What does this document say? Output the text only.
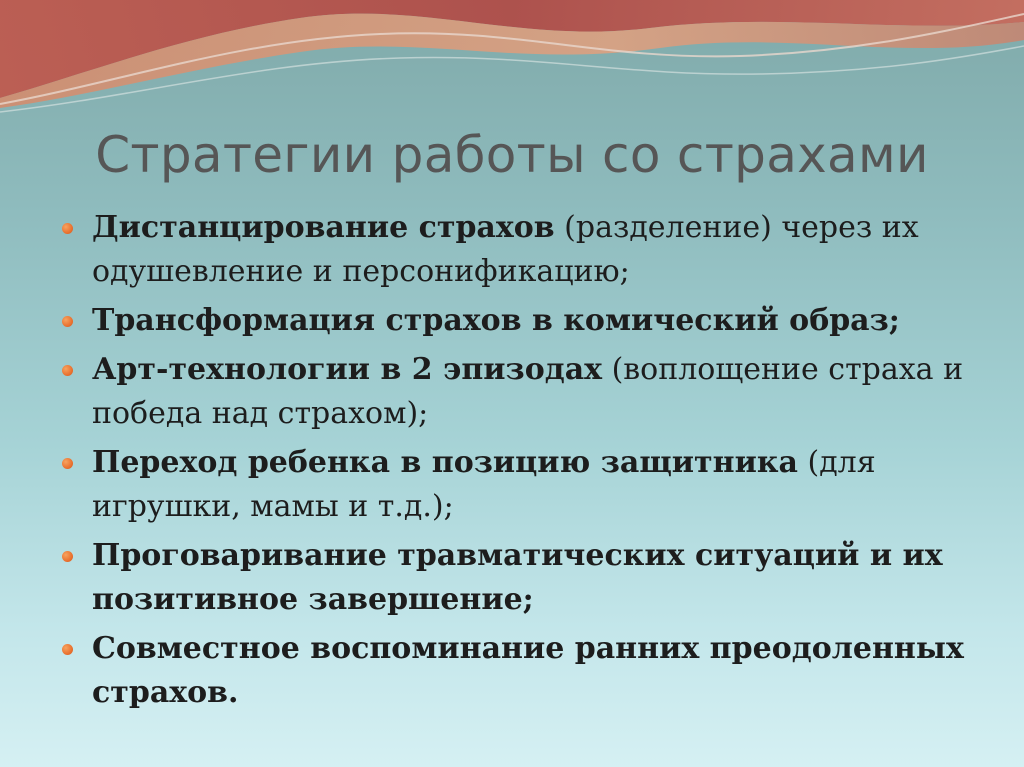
Стратегии работы со страхами
Дистанцирование страхов (разделение) через их одушевление и персонификацию;
Трансформация страхов в комический образ;
Арт-технологии в 2 эпизодах (воплощение страха и победа над страхом);
Переход ребенка в позицию защитника (для игрушки, мамы и т.д.);
Проговаривание травматических ситуаций и их позитивное завершение;
Совместное воспоминание ранних преодоленных страхов.
